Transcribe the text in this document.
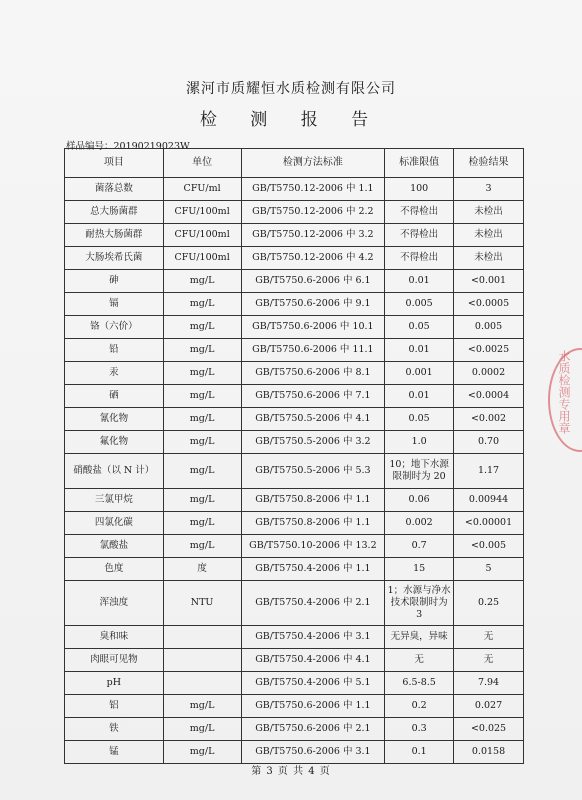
漯河市质耀恒水质检测有限公司
检 测 报 告
样品编号：20190219023W
项目	单位	检测方法标准	标准限值	检验结果
菌落总数	CFU/ml	GB/T5750.12-2006 中 1.1	100	3
总大肠菌群	CFU/100ml	GB/T5750.12-2006 中 2.2	不得检出	未检出
耐热大肠菌群	CFU/100ml	GB/T5750.12-2006 中 3.2	不得检出	未检出
大肠埃希氏菌	CFU/100ml	GB/T5750.12-2006 中 4.2	不得检出	未检出
砷	mg/L	GB/T5750.6-2006 中 6.1	0.01	<0.001
镉	mg/L	GB/T5750.6-2006 中 9.1	0.005	<0.0005
铬（六价）	mg/L	GB/T5750.6-2006 中 10.1	0.05	0.005
铅	mg/L	GB/T5750.6-2006 中 11.1	0.01	<0.0025
汞	mg/L	GB/T5750.6-2006 中 8.1	0.001	0.0002
硒	mg/L	GB/T5750.6-2006 中 7.1	0.01	<0.0004
氰化物	mg/L	GB/T5750.5-2006 中 4.1	0.05	<0.002
氟化物	mg/L	GB/T5750.5-2006 中 3.2	1.0	0.70
硝酸盐（以 N 计）	mg/L	GB/T5750.5-2006 中 5.3	10；地下水源限制时为 20	1.17
三氯甲烷	mg/L	GB/T5750.8-2006 中 1.1	0.06	0.00944
四氯化碳	mg/L	GB/T5750.8-2006 中 1.1	0.002	<0.00001
氯酸盐	mg/L	GB/T5750.10-2006 中 13.2	0.7	<0.005
色度	度	GB/T5750.4-2006 中 1.1	15	5
浑浊度	NTU	GB/T5750.4-2006 中 2.1	1；水源与净水技术限制时为 3	0.25
臭和味		GB/T5750.4-2006 中 3.1	无异臭，异味	无
肉眼可见物		GB/T5750.4-2006 中 4.1	无	无
pH		GB/T5750.4-2006 中 5.1	6.5-8.5	7.94
铝	mg/L	GB/T5750.6-2006 中 1.1	0.2	0.027
铁	mg/L	GB/T5750.6-2006 中 2.1	0.3	<0.025
锰	mg/L	GB/T5750.6-2006 中 3.1	0.1	0.0158
第 3 页 共 4 页
水质检测专用章
